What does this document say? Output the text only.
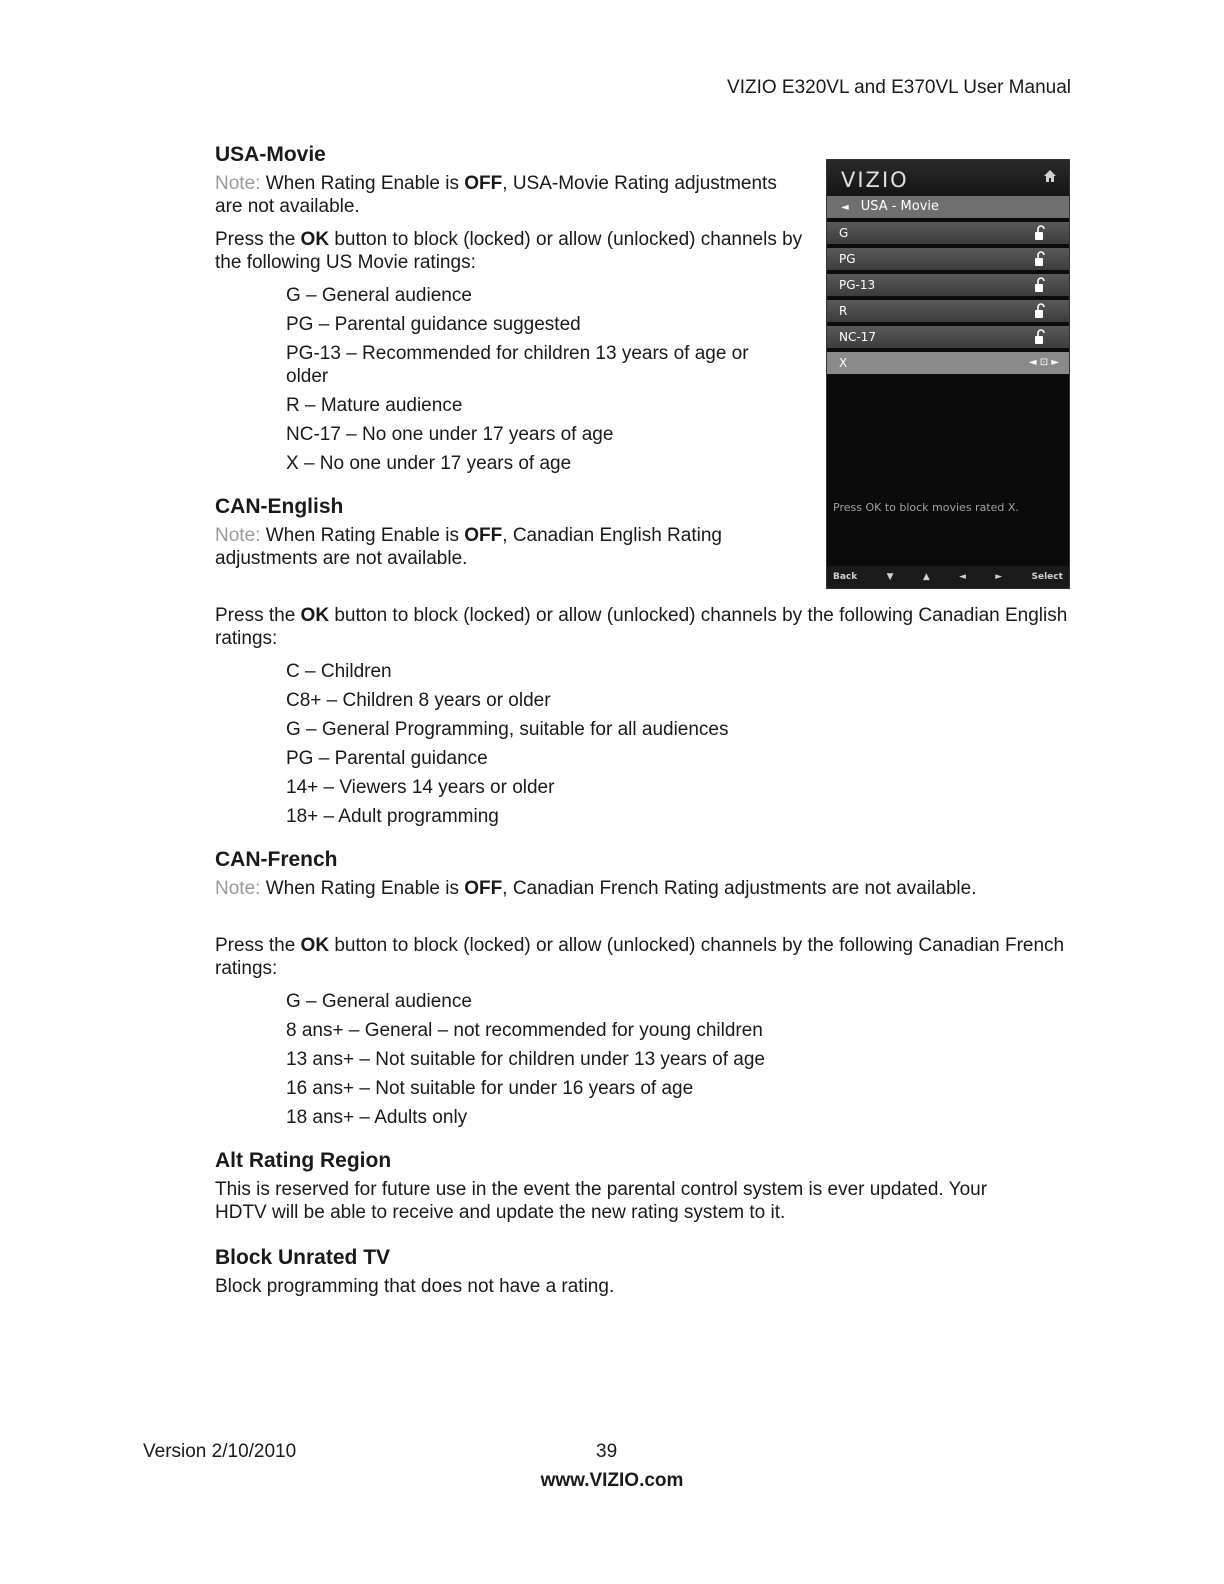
VIZIO E320VL and E370VL User Manual
USA-Movie

Note: When Rating Enable is OFF, USA-Movie Rating adjustments are not available.

Press the OK button to block (locked) or allow (unlocked) channels by the following US Movie ratings:

G – General audience
PG – Parental guidance suggested
PG-13 – Recommended for children 13 years of age or older
R – Mature audience
NC-17 – No one under 17 years of age
X – No one under 17 years of age
CAN-English

Note: When Rating Enable is OFF, Canadian English Rating adjustments are not available.

Press the OK button to block (locked) or allow (unlocked) channels by the following Canadian English ratings:

C – Children
C8+ – Children 8 years or older
G – General Programming, suitable for all audiences
PG – Parental guidance
14+ – Viewers 14 years or older
18+ – Adult programming
CAN-French

Note: When Rating Enable is OFF, Canadian French Rating adjustments are not available.

Press the OK button to block (locked) or allow (unlocked) channels by the following Canadian French ratings:

G – General audience
8 ans+ – General – not recommended for young children
13 ans+ – Not suitable for children under 13 years of age
16 ans+ – Not suitable for under 16 years of age
18 ans+ – Adults only
Alt Rating Region

This is reserved for future use in the event the parental control system is ever updated. Your HDTV will be able to receive and update the new rating system to it.

Block Unrated TV

Block programming that does not have a rating.

VIZIO
◄ USA - Movie
G
PG
PG-13
R
NC-17
X	◄ ⊡ ►
Press OK to block movies rated X.
Back	▼	▲	◄	►	Select
Version 2/10/2010	39
www.VIZIO.com
